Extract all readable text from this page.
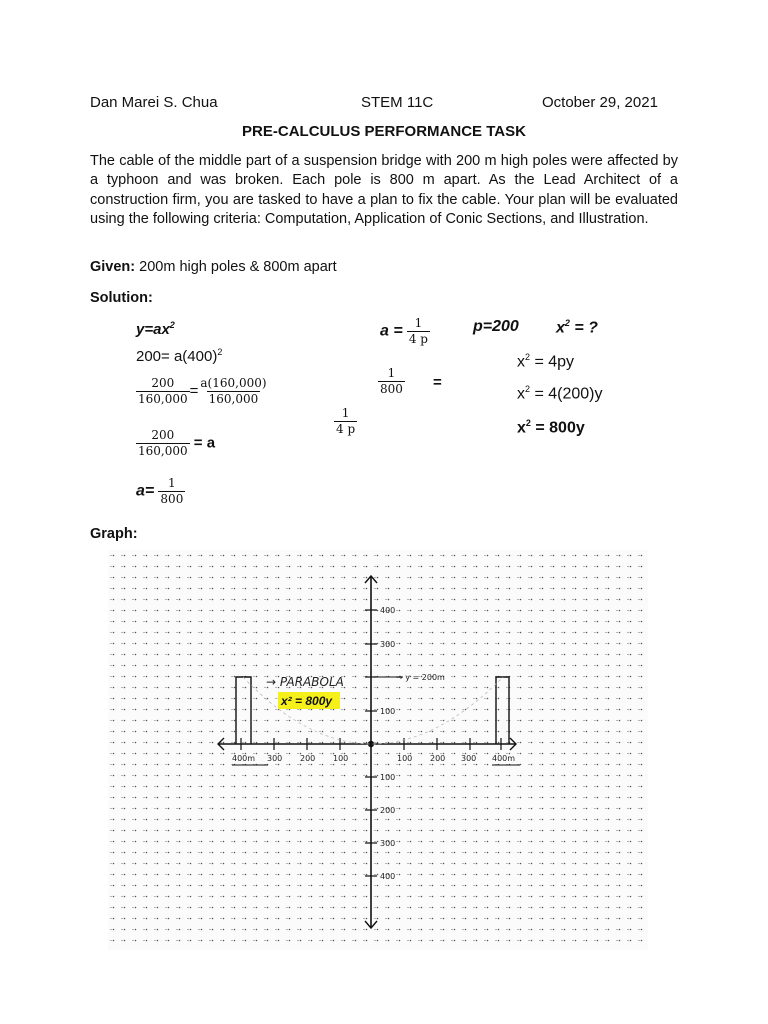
Dan Marei S. Chua	STEM 11C	October 29, 2021
PRE-CALCULUS PERFORMANCE TASK
The cable of the middle part of a suspension bridge with 200 m high poles were affected by a typhoon and was broken. Each pole is 800 m apart. As the Lead Architect of a construction firm, you are tasked to have a plan to fix the cable. Your plan will be evaluated using the following criteria: Computation, Application of Conic Sections, and Illustration.
Given: 200m high poles & 800m apart
Solution:
$y=ax^2$
$200= a(400)^2$
$\frac{200}{160,000} = \frac{a(160,000)}{160,000}$
$\frac{200}{160,000} = a$
$a= \frac{1}{800}$
$a = \frac{1}{4 p}$
$\frac{1}{800}$ =
$\frac{1}{4 p}$
p=200 $x^2$ = ?
$x^2 = 4py$
$x^2 = 4(200)y$
$x^2 = 800y$
Graph:
400m 300 200 100	100 200 300 400m
400
300
100
100
200
300
400
→ y = 200m
→ PARABOLA
x² = 800y
